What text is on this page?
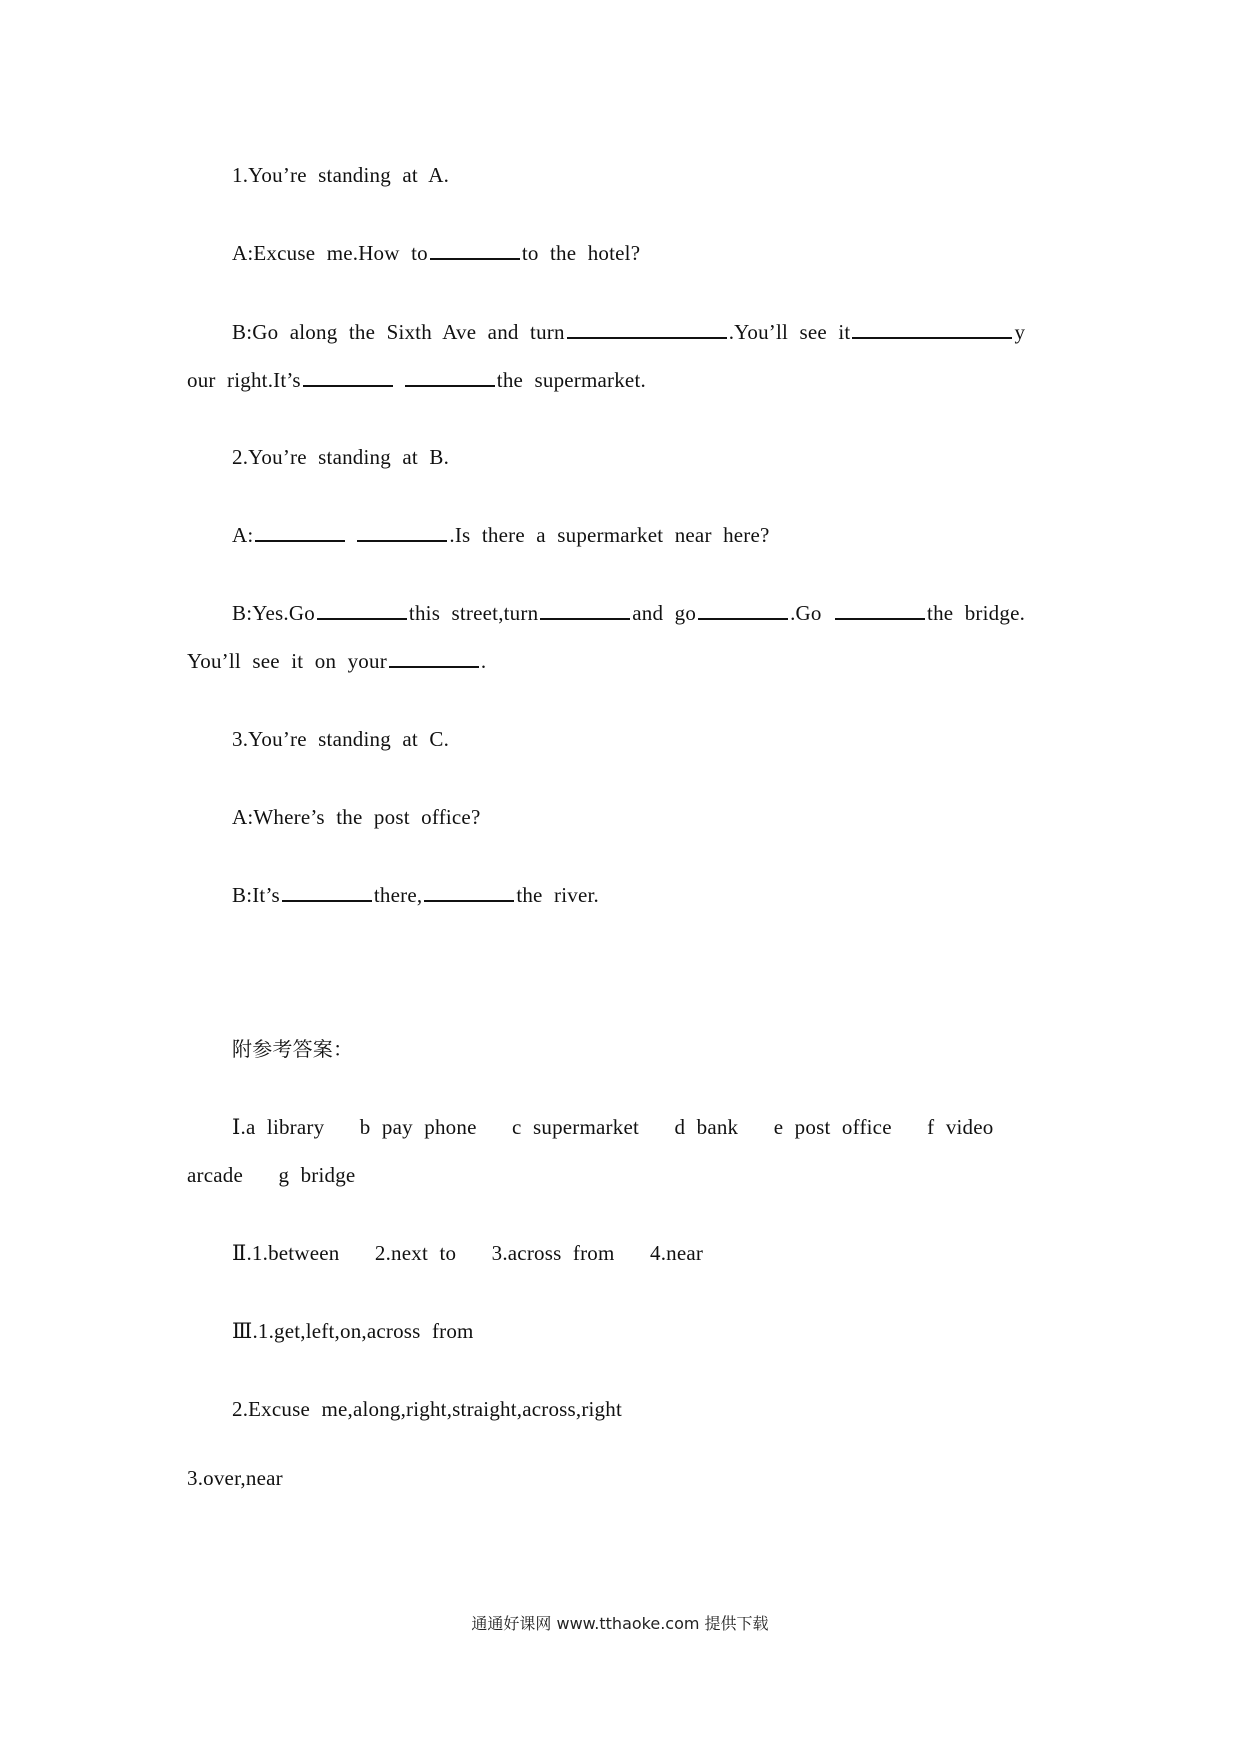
1.You’re standing at A.
A:Excuse me.How to	to the hotel?
B:Go along the Sixth Ave and turn	.You’ll see it	y
our right.It’s	the supermarket.
2.You’re standing at B.
A:	.Is there a supermarket near here?
B:Yes.Go	this street,turn	and go	.Go	the bridge.
You’ll see it on your	.
3.You’re standing at C.
A:Where’s the post office?
B:It’s	there,	the river.
附参考答案：
Ⅰ.a library b pay phone c supermarket d bank e post office f video
arcade g bridge
Ⅱ.1.between 2.next to 3.across from 4.near
Ⅲ.1.get,left,on,across from
2.Excuse me,along,right,straight,across,right
3.over,near
通通好课网 www.tthaoke.com 提供下载
